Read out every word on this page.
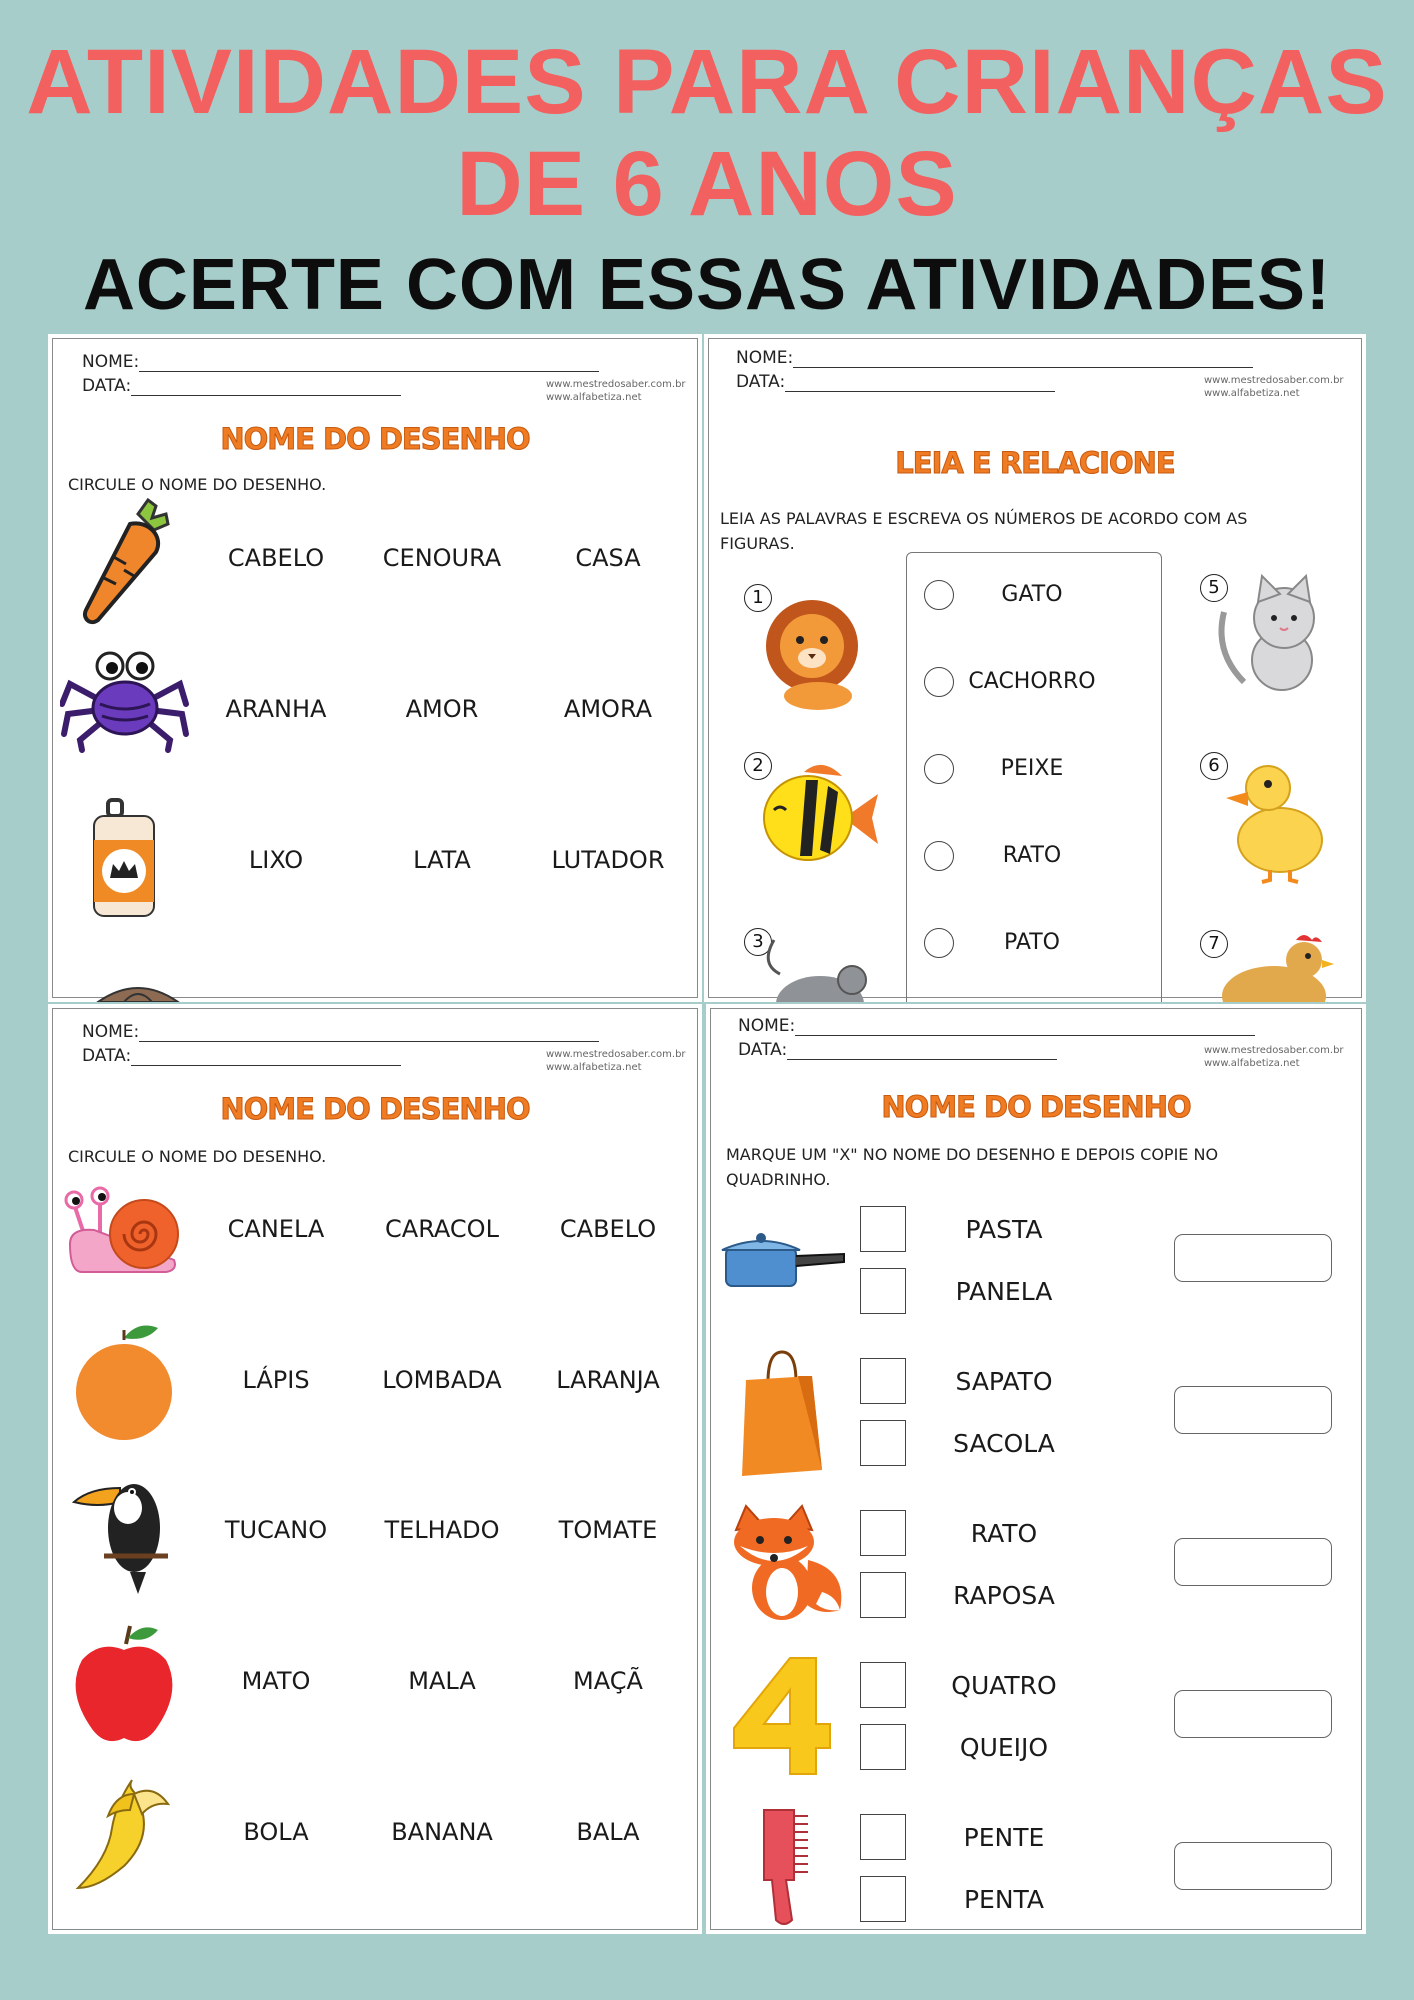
ATIVIDADES PARA CRIANÇAS
DE 6 ANOS
ACERTE COM ESSAS ATIVIDADES!
NOME:
DATA:	www.mestredosaber.com.br
www.alfabetiza.net
NOME DO DESENHO
CIRCULE O NOME DO DESENHO.
CABELO	CENOURA	CASA
ARANHA	AMOR	AMORA
LIXO	LATA	LUTADOR
NOME:
DATA:	www.mestredosaber.com.br
www.alfabetiza.net
LEIA E RELACIONE
LEIA AS PALAVRAS E ESCREVA OS NÚMEROS DE ACORDO COM AS
FIGURAS.
GATO
CACHORRO
PEIXE
RATO
PATO
1
2
3
5
6
7
NOME:
DATA:	www.mestredosaber.com.br
www.alfabetiza.net
NOME DO DESENHO
CIRCULE O NOME DO DESENHO.
CANELA	CARACOL	CABELO
LÁPIS	LOMBADA	LARANJA
TUCANO	TELHADO	TOMATE
MATO	MALA	MAÇÃ
BOLA	BANANA	BALA
NOME:
DATA:	www.mestredosaber.com.br
www.alfabetiza.net
NOME DO DESENHO
MARQUE UM "X" NO NOME DO DESENHO E DEPOIS COPIE NO
QUADRINHO.
PASTA
PANELA
SAPATO
SACOLA
RATO
RAPOSA
QUATRO
QUEIJO
PENTE
PENTA
